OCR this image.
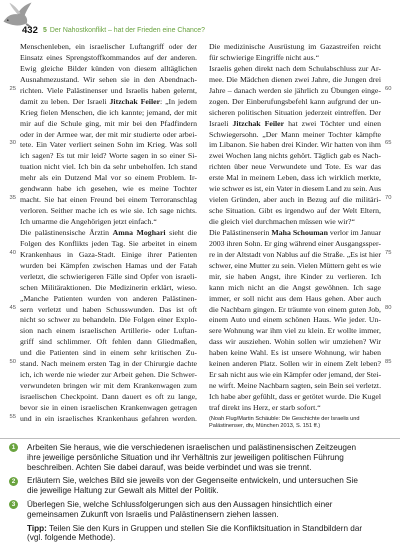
432 5 Der Nahostkonflikt – hat der Frieden eine Chance?
Menschenleben, ein israelischer Luftangriff oder der
Einsatz eines Sprengstoffkommandos auf der anderen.
Ewig gleiche Bilder künden von diesem alltäglichen
Ausnahmezustand. Wir sehen sie in den Abendnach-
richten. Viele Palästinenser und Israelis haben gelernt,
25
damit zu leben. Der Israeli Jitzchak Feiler: „In jedem
Krieg fielen Menschen, die ich kannte; jemand, der mit
mir auf die Schule ging, mit mir bei den Pfadfindern
oder in der Armee war, der mit mir studierte oder arbei-
tete. Ein Vater verliert seinen Sohn im Krieg. Was soll
30
ich sagen? Es tut mir leid? Worte sagen in so einer Si-
tuation nicht viel. Ich bin da sehr unbeholfen. Ich stand
mehr als ein Dutzend Mal vor so einem Problem. Ir-
gendwann habe ich gesehen, wie es meine Tochter
macht. Sie hat einen Freund bei einem Terroranschlag
35
verloren. Seither mache ich es wie sie. Ich sage nichts.
Ich umarme die Angehörigen jetzt einfach.“
Die palästinensische Ärztin Amna Moghari sieht die
Folgen des Konflikts jeden Tag. Sie arbeitet in einem
Krankenhaus in Gaza-Stadt. Einige ihrer Patienten
40
wurden bei Kämpfen zwischen Hamas und der Fatah
verletzt, die schwierigeren Fälle sind Opfer von israeli-
schen Militäraktionen. Die Medizinerin erklärt, wieso.
„Manche Patienten wurden von anderen Palästinen-
sern verletzt und haben Schusswunden. Das ist oft
45
nicht so schwer zu behandeln. Die Folgen einer Explo-
sion nach einem israelischen Artillerie- oder Luftan-
griff sind schlimmer. Oft fehlen dann Gliedmaßen,
und die Patienten sind in einem sehr kritischen Zu-
stand. Nach meinem ersten Tag in der Chirurgie dachte
50
ich, ich werde nie wieder zur Arbeit gehen. Die Schwer-
verwundeten bringen wir mit dem Krankenwagen zum
israelischen Checkpoint. Dann dauert es oft zu lange,
bevor sie in einen israelischen Krankenwagen getragen
und in ein israelisches Krankenhaus gefahren werden.
55
Die medizinische Ausrüstung im Gazastreifen reicht
für schwierige Eingriffe nicht aus.“
Israelis gehen direkt nach dem Schulabschluss zur Ar-
mee. Die Mädchen dienen zwei Jahre, die Jungen drei
Jahre – danach werden sie jährlich zu Übungen einge- 60
zogen. Der Einberufungsbefehl kann aufgrund der un-
sicheren politischen Situation jederzeit eintreffen. Der
Israeli Jitzchak Feiler hat zwei Töchter und einen
Schwiegersohn. „Der Mann meiner Tochter kämpfte
im Libanon. Sie haben drei Kinder. Wir hatten von ihm 65
zwei Wochen lang nichts gehört. Täglich gab es Nach-
richten über neue Verwundete und Tote. Es war das
erste Mal in meinem Leben, dass ich wirklich merkte,
wie schwer es ist, ein Vater in diesem Land zu sein. Aus
vielen Gründen, aber auch in Bezug auf die militäri- 70
sche Situation. Gibt es irgendwo auf der Welt Eltern,
die gleich viel durchmachen müssen wie wir?“
Die Palästinenserin Maha Schouman verlor im Januar
2003 ihren Sohn. Er ging während einer Ausgangssper-
re in der Altstadt von Nablus auf die Straße. „Es ist hier 75
schwer, eine Mutter zu sein. Vielen Müttern geht es wie
mir, sie haben Angst, ihre Kinder zu verlieren. Ich
kann mich nicht an die Angst gewöhnen. Ich sage
immer, er soll nicht aus dem Haus gehen. Aber auch
die Nachbarn gingen. Er träumte von einem guten Job, 80
einem Auto und einem schönen Haus. Wie jeder. Un-
sere Wohnung war ihm viel zu klein. Er wollte immer,
dass wir ausziehen. Wohin sollen wir umziehen? Wir
haben keine Wahl. Es ist unsere Wohnung, wir haben
keinen anderen Platz. Sollen wir in einem Zelt leben? 85
Er sah nicht aus wie ein Kämpfer oder jemand, der Stei-
ne wirft. Meine Nachbarn sagten, sein Bein sei verletzt.
Ich habe aber gefühlt, dass er getötet wurde. Die Kugel
traf direkt ins Herz, er starb sofort.“
(Noah Flug/Martin Schäuble: Die Geschichte der Israelis und
Palästinenser, dtv, München 2013, S. 151 ff.)
1	Arbeiten Sie heraus, wie die verschiedenen israelischen und palästinensischen Zeitzeugen
ihre jeweilige persönliche Situation und ihr Verhältnis zur jeweiligen politischen Führung
beschreiben. Achten Sie dabei darauf, was beide verbindet und was sie trennt.
2	Erläutern Sie, welches Bild sie jeweils von der Gegenseite entwickeln, und untersuchen Sie
die jeweilige Haltung zur Gewalt als Mittel der Politik.
3	Überlegen Sie, welche Schlussfolgerungen sich aus den Aussagen hinsichtlich einer
gemeinsamen Zukunft von Israelis und Palästinensern ziehen lassen.
Tipp: Teilen Sie den Kurs in Gruppen und stellen Sie die Konfliktsituation in Standbildern dar
(vgl. folgende Methode).
